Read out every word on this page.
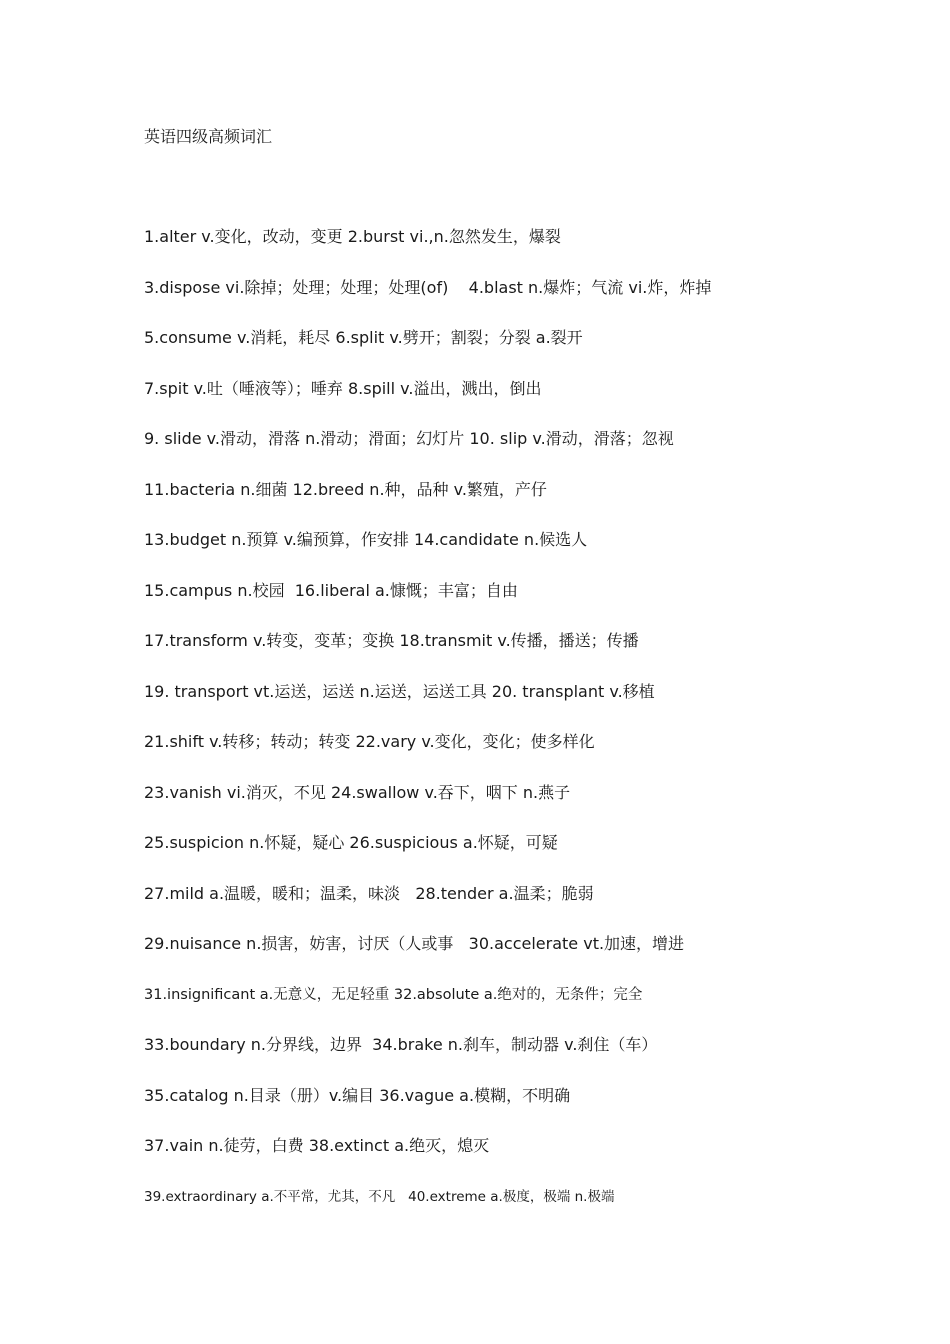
英语四级高频词汇
1.alter v.变化，改动，变更 2.burst vi.,n.忽然发生，爆裂
3.dispose vi.除掉；处理；处理；处理(of)    4.blast n.爆炸；气流 vi.炸，炸掉
5.consume v.消耗，耗尽 6.split v.劈开；割裂；分裂 a.裂开
7.spit v.吐（唾液等）；唾弃 8.spill v.溢出，溅出，倒出
9. slide v.滑动，滑落 n.滑动；滑面；幻灯片 10. slip v.滑动，滑落；忽视
11.bacteria n.细菌 12.breed n.种，品种 v.繁殖，产仔
13.budget n.预算 v.编预算，作安排 14.candidate n.候选人
15.campus n.校园  16.liberal a.慷慨；丰富；自由
17.transform v.转变，变革；变换 18.transmit v.传播，播送；传播
19. transport vt.运送，运送 n.运送，运送工具 20. transplant v.移植
21.shift v.转移；转动；转变 22.vary v.变化，变化；使多样化
23.vanish vi.消灭，不见 24.swallow v.吞下，咽下 n.燕子
25.suspicion n.怀疑，疑心 26.suspicious a.怀疑，可疑
27.mild a.温暖，暖和；温柔，味淡   28.tender a.温柔；脆弱
29.nuisance n.损害，妨害，讨厌（人或事   30.accelerate vt.加速，增进
31.insignificant a.无意义，无足轻重 32.absolute a.绝对的，无条件；完全
33.boundary n.分界线，边界  34.brake n.刹车，制动器 v.刹住（车）
35.catalog n.目录（册）v.编目 36.vague a.模糊，不明确
37.vain n.徒劳，白费 38.extinct a.绝灭，熄灭
39.extraordinary a.不平常，尤其，不凡   40.extreme a.极度，极端 n.极端
